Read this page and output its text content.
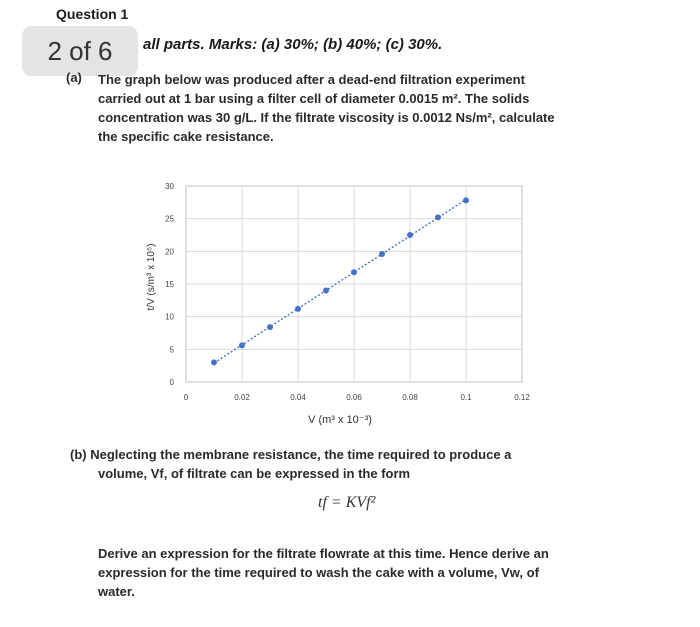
Question 1
2 of 6	all parts. Marks: (a) 30%; (b) 40%; (c) 30%.
The graph below was produced after a dead-end filtration experiment
carried out at 1 bar using a filter cell of diameter 0.0015 m². The solids
concentration was 30 g/L. If the filtrate viscosity is 0.0012 Ns/m², calculate
the specific cake resistance.
(a)
0	0.02	0.04	0.06	0.08	0.1	0.12
0
5
10
15
20
25
30
V (m³ x 10⁻³)
t/V (s/m³ x 10⁵)
(b) Neglecting the membrane resistance, the time required to produce a
volume, Vf, of filtrate can be expressed in the form
tf = KVf²
Derive an expression for the filtrate flowrate at this time. Hence derive an
expression for the time required to wash the cake with a volume, Vw, of
water.
